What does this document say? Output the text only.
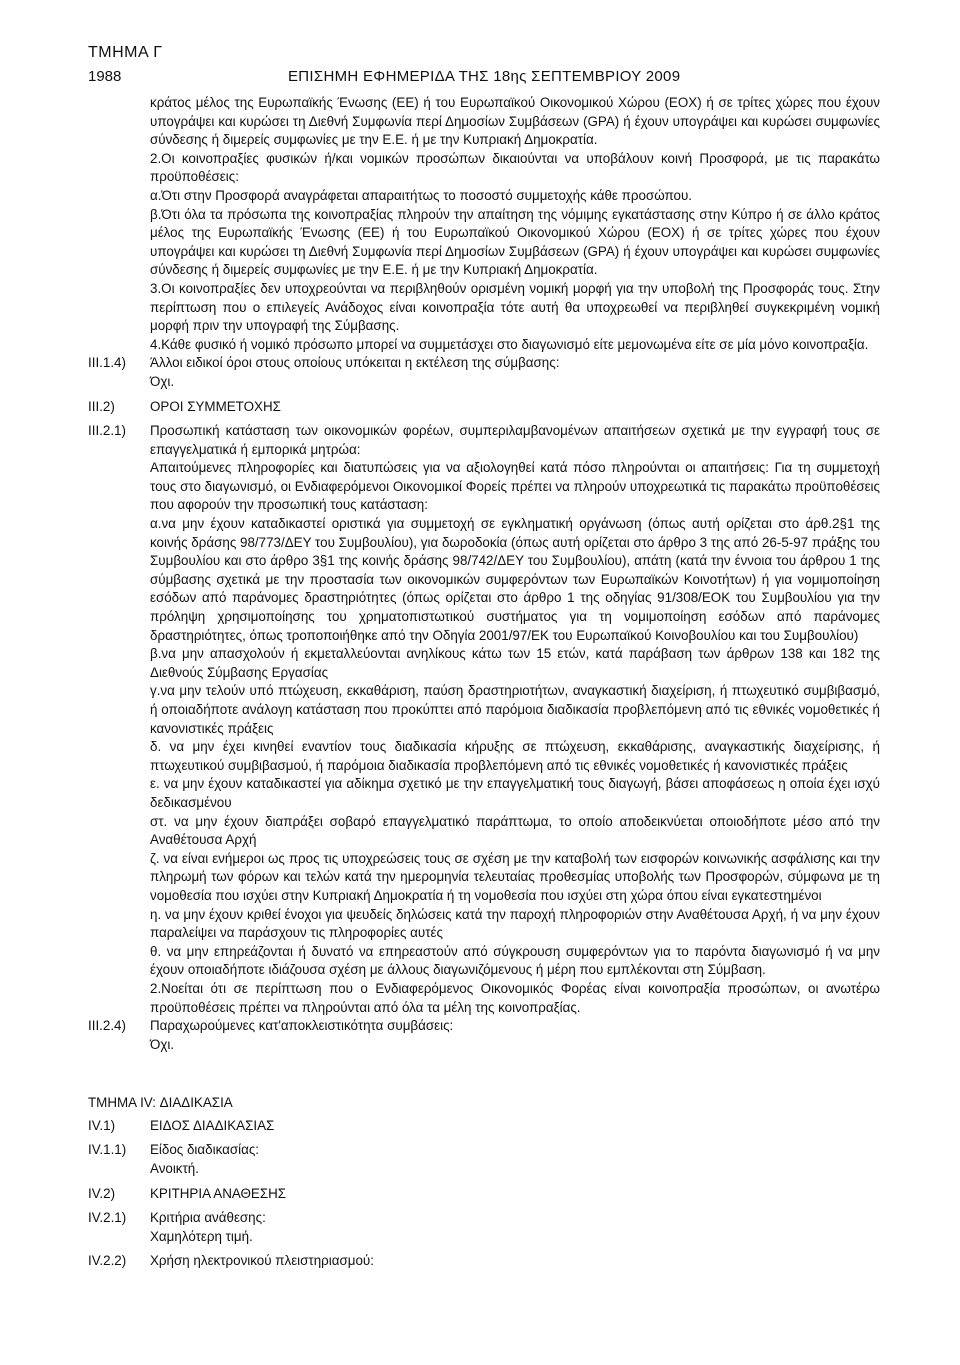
ΤΜΗΜΑ Γ
1988	ΕΠΙΣΗΜΗ ΕΦΗΜΕΡΙΔΑ ΤΗΣ 18ης ΣΕΠΤΕΜΒΡΙΟΥ 2009

κράτος μέλος της Ευρωπαϊκής Ένωσης (ΕΕ) ή του Ευρωπαϊκού Οικονομικού Χώρου (ΕΟΧ) ή σε τρίτες χώρες που έχουν υπογράψει και κυρώσει τη Διεθνή Συμφωνία περί Δημοσίων Συμβάσεων (GPA) ή έχουν υπογράψει και κυρώσει συμφωνίες σύνδεσης ή διμερείς συμφωνίες με την Ε.Ε. ή με την Κυπριακή Δημοκρατία.

2.Οι κοινοπραξίες φυσικών ή/και νομικών προσώπων δικαιούνται να υποβάλουν κοινή Προσφορά, με τις παρακάτω προϋποθέσεις:

α.Ότι στην Προσφορά αναγράφεται απαραιτήτως το ποσοστό συμμετοχής κάθε προσώπου.

β.Ότι όλα τα πρόσωπα της κοινοπραξίας πληρούν την απαίτηση της νόμιμης εγκατάστασης στην Κύπρο ή σε άλλο κράτος μέλος της Ευρωπαϊκής Ένωσης (ΕΕ) ή του Ευρωπαϊκού Οικονομικού Χώρου (ΕΟΧ) ή σε τρίτες χώρες που έχουν υπογράψει και κυρώσει τη Διεθνή Συμφωνία περί Δημοσίων Συμβάσεων (GPA) ή έχουν υπογράψει και κυρώσει συμφωνίες σύνδεσης ή διμερείς συμφωνίες με την Ε.Ε. ή με την Κυπριακή Δημοκρατία.

3.Οι κοινοπραξίες δεν υποχρεούνται να περιβληθούν ορισμένη νομική μορφή για την υποβολή της Προσφοράς τους. Στην περίπτωση που ο επιλεγείς Ανάδοχος είναι κοινοπραξία τότε αυτή θα υποχρεωθεί να περιβληθεί συγκεκριμένη νομική μορφή πριν την υπογραφή της Σύμβασης.

4.Κάθε φυσικό ή νομικό πρόσωπο μπορεί να συμμετάσχει στο διαγωνισμό είτε μεμονωμένα είτε σε μία μόνο κοινοπραξία.

III.1.4)	Άλλοι ειδικοί όροι στους οποίους υπόκειται η εκτέλεση της σύμβασης:

Όχι.

III.2)	ΟΡΟΙ ΣΥΜΜΕΤΟΧΗΣ

III.2.1)	Προσωπική κατάσταση των οικονομικών φορέων, συμπεριλαμβανομένων απαιτήσεων σχετικά με την εγγραφή τους σε επαγγελματικά ή εμπορικά μητρώα:

Απαιτούμενες πληροφορίες και διατυπώσεις για να αξιολογηθεί κατά πόσο πληρούνται οι απαιτήσεις: Για τη συμμετοχή τους στο διαγωνισμό, οι Ενδιαφερόμενοι Οικονομικοί Φορείς πρέπει να πληρούν υποχρεωτικά τις παρακάτω προϋποθέσεις που αφορούν την προσωπική τους κατάσταση:

α.να μην έχουν καταδικαστεί οριστικά για συμμετοχή σε εγκληματική οργάνωση (όπως αυτή ορίζεται στο άρθ.2§1 της κοινής δράσης 98/773/ΔΕΥ του Συμβουλίου), για δωροδοκία (όπως αυτή ορίζεται στο άρθρο 3 της από 26-5-97 πράξης του Συμβουλίου και στο άρθρο 3§1 της κοινής δράσης 98/742/ΔΕΥ του Συμβουλίου), απάτη (κατά την έννοια του άρθρου 1 της σύμβασης σχετικά με την προστασία των οικονομικών συμφερόντων των Ευρωπαϊκών Κοινοτήτων) ή για νομιμοποίηση εσόδων από παράνομες δραστηριότητες (όπως ορίζεται στο άρθρο 1 της οδηγίας 91/308/ΕΟΚ του Συμβουλίου για την πρόληψη χρησιμοποίησης του χρηματοπιστωτικού συστήματος για τη νομιμοποίηση εσόδων από παράνομες δραστηριότητες, όπως τροποποιήθηκε από την Οδηγία 2001/97/ΕΚ του Ευρωπαϊκού Κοινοβουλίου και του Συμβουλίου)

β.να μην απασχολούν ή εκμεταλλεύονται ανηλίκους κάτω των 15 ετών, κατά παράβαση των άρθρων 138 και 182 της Διεθνούς Σύμβασης Εργασίας

γ.να μην τελούν υπό πτώχευση, εκκαθάριση, παύση δραστηριοτήτων, αναγκαστική διαχείριση, ή πτωχευτικό συμβιβασμό, ή οποιαδήποτε ανάλογη κατάσταση που προκύπτει από παρόμοια διαδικασία προβλεπόμενη από τις εθνικές νομοθετικές ή κανονιστικές πράξεις

δ. να μην έχει κινηθεί εναντίον τους διαδικασία κήρυξης σε πτώχευση, εκκαθάρισης, αναγκαστικής διαχείρισης, ή πτωχευτικού συμβιβασμού, ή παρόμοια διαδικασία προβλεπόμενη από τις εθνικές νομοθετικές ή κανονιστικές πράξεις

ε. να μην έχουν καταδικαστεί για αδίκημα σχετικό με την επαγγελματική τους διαγωγή, βάσει αποφάσεως η οποία έχει ισχύ δεδικασμένου

στ. να μην έχουν διαπράξει σοβαρό επαγγελματικό παράπτωμα, το οποίο αποδεικνύεται οποιοδήποτε μέσο από την Αναθέτουσα Αρχή

ζ. να είναι ενήμεροι ως προς τις υποχρεώσεις τους σε σχέση με την καταβολή των εισφορών κοινωνικής ασφάλισης και την πληρωμή των φόρων και τελών κατά την ημερομηνία τελευταίας προθεσμίας υποβολής των Προσφορών, σύμφωνα με τη νομοθεσία που ισχύει στην Κυπριακή Δημοκρατία ή τη νομοθεσία που ισχύει στη χώρα όπου είναι εγκατεστημένοι

η. να μην έχουν κριθεί ένοχοι για ψευδείς δηλώσεις κατά την παροχή πληροφοριών στην Αναθέτουσα Αρχή, ή να μην έχουν παραλείψει να παράσχουν τις πληροφορίες αυτές

θ. να μην επηρεάζονται ή δυνατό να επηρεαστούν από σύγκρουση συμφερόντων για το παρόντα διαγωνισμό ή να μην έχουν οποιαδήποτε ιδιάζουσα σχέση με άλλους διαγωνιζόμενους ή μέρη που εμπλέκονται στη Σύμβαση.

2.Νοείται ότι σε περίπτωση που ο Ενδιαφερόμενος Οικονομικός Φορέας είναι κοινοπραξία προσώπων, οι ανωτέρω προϋποθέσεις πρέπει να πληρούνται από όλα τα μέλη της κοινοπραξίας.

III.2.4)	Παραχωρούμενες κατ'αποκλειστικότητα συμβάσεις:

Όχι.

ΤΜΗΜΑ IV: ΔΙΑΔΙΚΑΣΙΑ

IV.1)	ΕΙΔΟΣ ΔΙΑΔΙΚΑΣΙΑΣ

IV.1.1)	Είδος διαδικασίας:

Ανοικτή.

IV.2)	ΚΡΙΤΗΡΙΑ ΑΝΑΘΕΣΗΣ

IV.2.1)	Κριτήρια ανάθεσης:

Χαμηλότερη τιμή.

IV.2.2)	Χρήση ηλεκτρονικού πλειστηριασμού:
